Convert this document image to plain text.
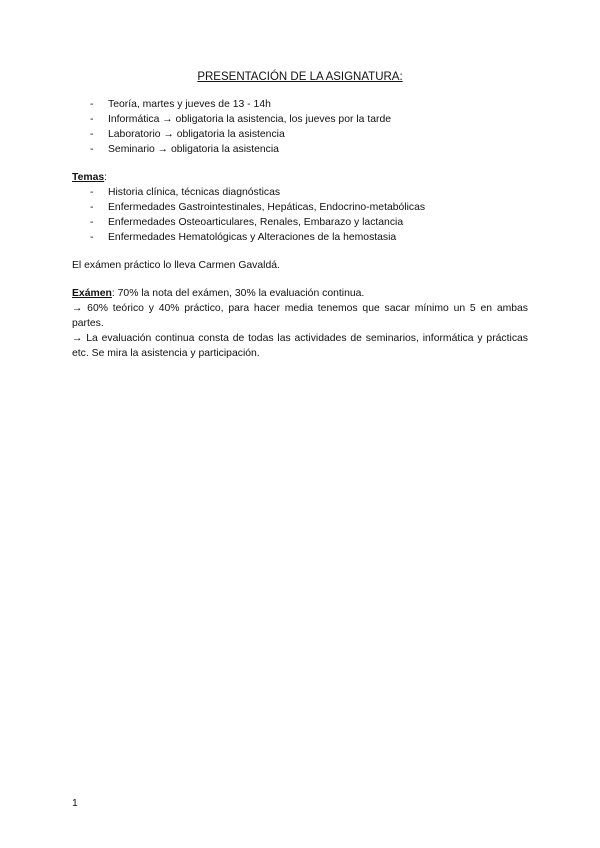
PRESENTACIÓN DE LA ASIGNATURA:
- Teoría, martes y jueves de 13 - 14h
- Informática → obligatoria la asistencia, los jueves por la tarde
- Laboratorio → obligatoria la asistencia
- Seminario → obligatoria la asistencia

Temas:

- Historia clínica, técnicas diagnósticas
- Enfermedades Gastrointestinales, Hepáticas, Endocrino-metabólicas
- Enfermedades Osteoarticulares, Renales, Embarazo y lactancia
- Enfermedades Hematológicas y Alteraciones de la hemostasia

El exámen práctico lo lleva Carmen Gavaldá.

Exámen: 70% la nota del exámen, 30% la evaluación continua.

→ 60% teórico y 40% práctico, para hacer media tenemos que sacar mínimo un 5 en ambas partes.

→ La evaluación continua consta de todas las actividades de seminarios, informática y prácticas etc. Se mira la asistencia y participación.

1
